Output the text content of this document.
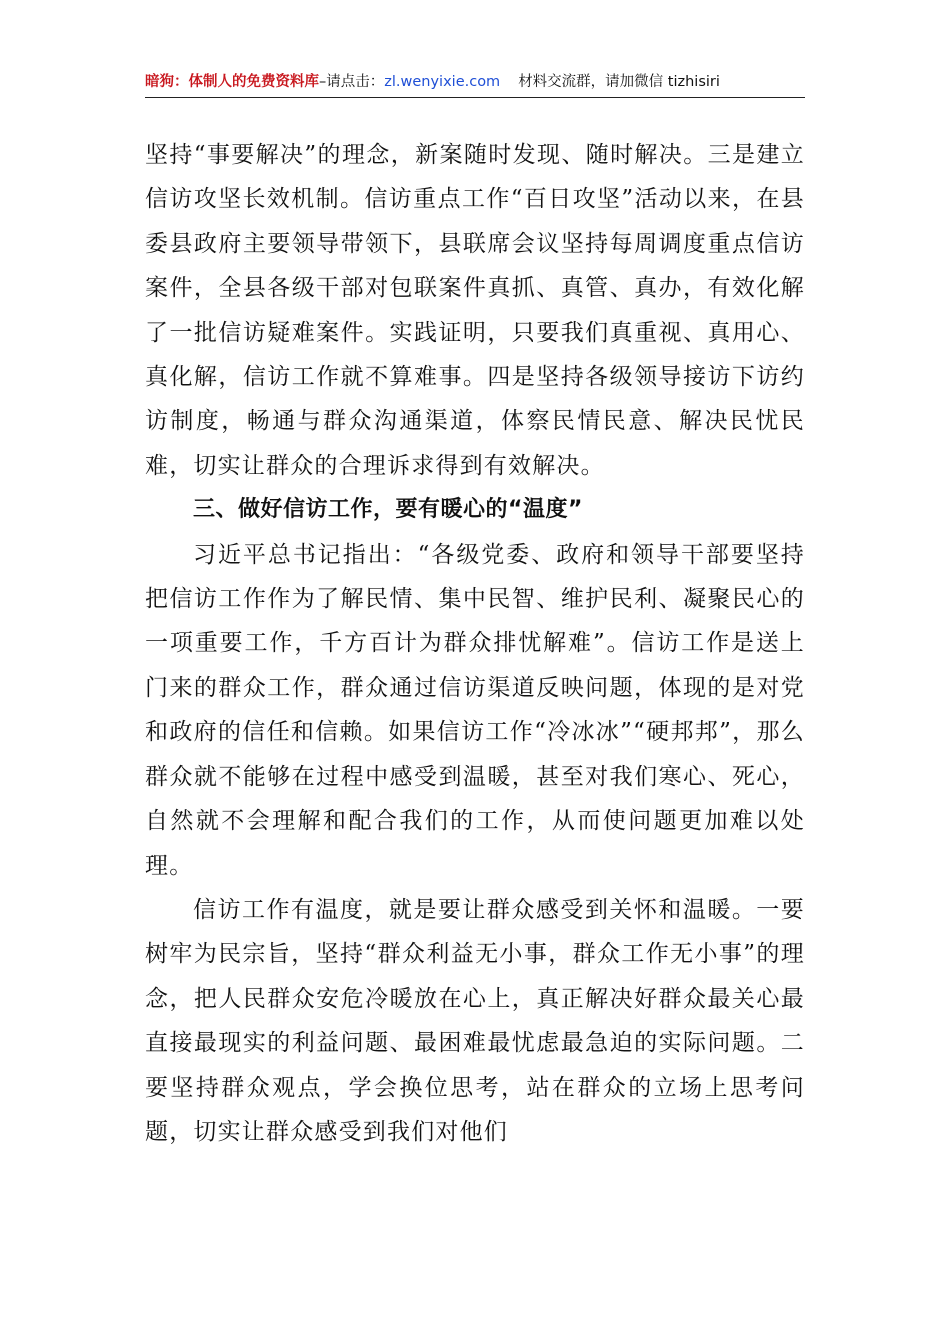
暗狗：体制人的免费资料库–请点击：zl.wenyixie.com 材料交流群，请加微信 tizhisiri

坚持“事要解决”的理念，新案随时发现、随时解决。三是建立信访攻坚长效机制。信访重点工作“百日攻坚”活动以来，在县委县政府主要领导带领下，县联席会议坚持每周调度重点信访案件，全县各级干部对包联案件真抓、真管、真办，有效化解了一批信访疑难案件。实践证明，只要我们真重视、真用心、真化解，信访工作就不算难事。四是坚持各级领导接访下访约访制度，畅通与群众沟通渠道，体察民情民意、解决民忧民难，切实让群众的合理诉求得到有效解决。

三、做好信访工作，要有暖心的“温度”

习近平总书记指出：“各级党委、政府和领导干部要坚持把信访工作作为了解民情、集中民智、维护民利、凝聚民心的一项重要工作，千方百计为群众排忧解难”。信访工作是送上门来的群众工作，群众通过信访渠道反映问题，体现的是对党和政府的信任和信赖。如果信访工作“冷冰冰”“硬邦邦”，那么群众就不能够在过程中感受到温暖，甚至对我们寒心、死心，自然就不会理解和配合我们的工作，从而使问题更加难以处理。

信访工作有温度，就是要让群众感受到关怀和温暖。一要树牢为民宗旨，坚持“群众利益无小事，群众工作无小事”的理念，把人民群众安危冷暖放在心上，真正解决好群众最关心最直接最现实的利益问题、最困难最忧虑最急迫的实际问题。二要坚持群众观点，学会换位思考，站在群众的立场上思考问题，切实让群众感受到我们对他们
